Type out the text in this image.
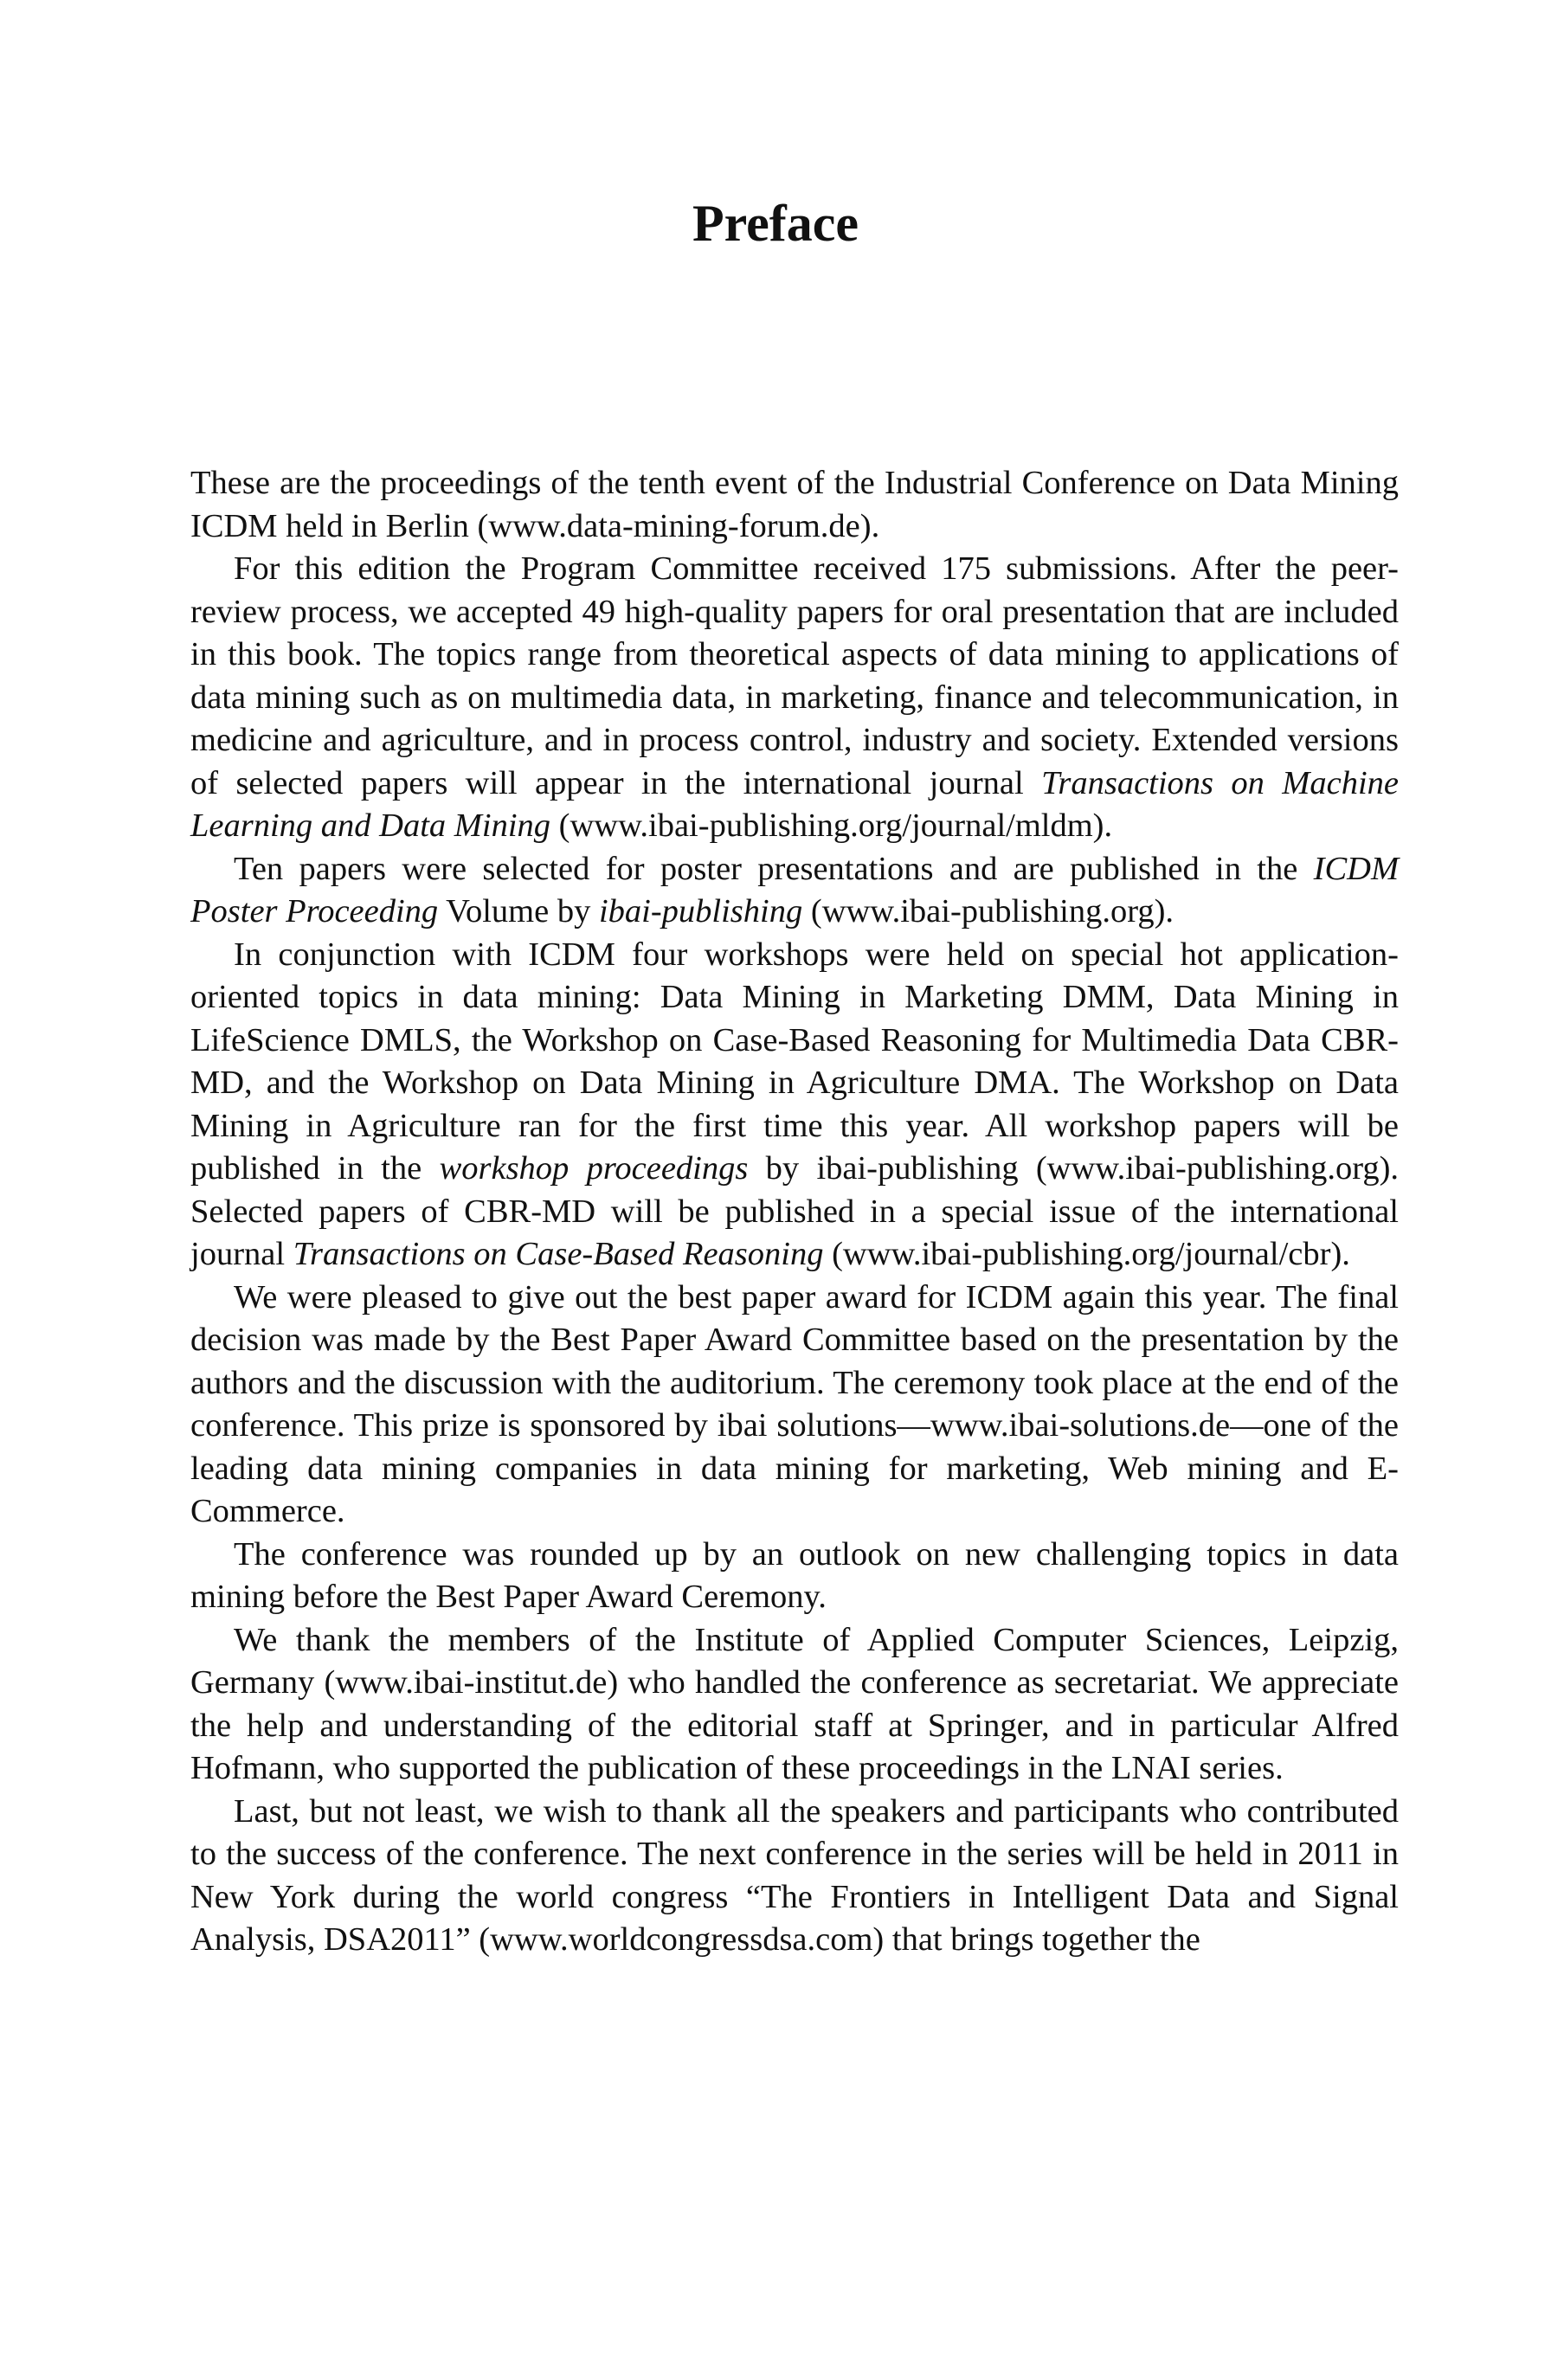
Preface

These are the proceedings of the tenth event of the Industrial Conference on Data Mining ICDM held in Berlin (www.data-mining-forum.de).

For this edition the Program Committee received 175 submissions. After the peer-review process, we accepted 49 high-quality papers for oral presentation that are included in this book. The topics range from theoretical aspects of data mining to applications of data mining such as on multimedia data, in marketing, finance and telecommunication, in medicine and agriculture, and in process control, industry and society. Extended versions of selected papers will appear in the international journal Transactions on Machine Learning and Data Mining (www.ibai-publishing.org/journal/mldm).

Ten papers were selected for poster presentations and are published in the ICDM Poster Proceeding Volume by ibai-publishing (www.ibai-publishing.org).

In conjunction with ICDM four workshops were held on special hot application-oriented topics in data mining: Data Mining in Marketing DMM, Data Mining in LifeScience DMLS, the Workshop on Case-Based Reasoning for Multimedia Data CBR-MD, and the Workshop on Data Mining in Agriculture DMA. The Workshop on Data Mining in Agriculture ran for the first time this year. All workshop papers will be published in the workshop proceedings by ibai-publishing (www.ibai-publishing.org). Selected papers of CBR-MD will be published in a special issue of the international journal Transactions on Case-Based Reasoning (www.ibai-publishing.org/journal/cbr).

We were pleased to give out the best paper award for ICDM again this year. The final decision was made by the Best Paper Award Committee based on the presentation by the authors and the discussion with the auditorium. The ceremony took place at the end of the conference. This prize is sponsored by ibai solutions—www.ibai-solutions.de—one of the leading data mining companies in data mining for marketing, Web mining and E-Commerce.

The conference was rounded up by an outlook on new challenging topics in data mining before the Best Paper Award Ceremony.

We thank the members of the Institute of Applied Computer Sciences, Leipzig, Germany (www.ibai-institut.de) who handled the conference as secretariat. We appreciate the help and understanding of the editorial staff at Springer, and in particular Alfred Hofmann, who supported the publication of these proceedings in the LNAI series.

Last, but not least, we wish to thank all the speakers and participants who contributed to the success of the conference. The next conference in the series will be held in 2011 in New York during the world congress “The Frontiers in Intelligent Data and Signal Analysis, DSA2011” (www.worldcongressdsa.com) that brings together the
